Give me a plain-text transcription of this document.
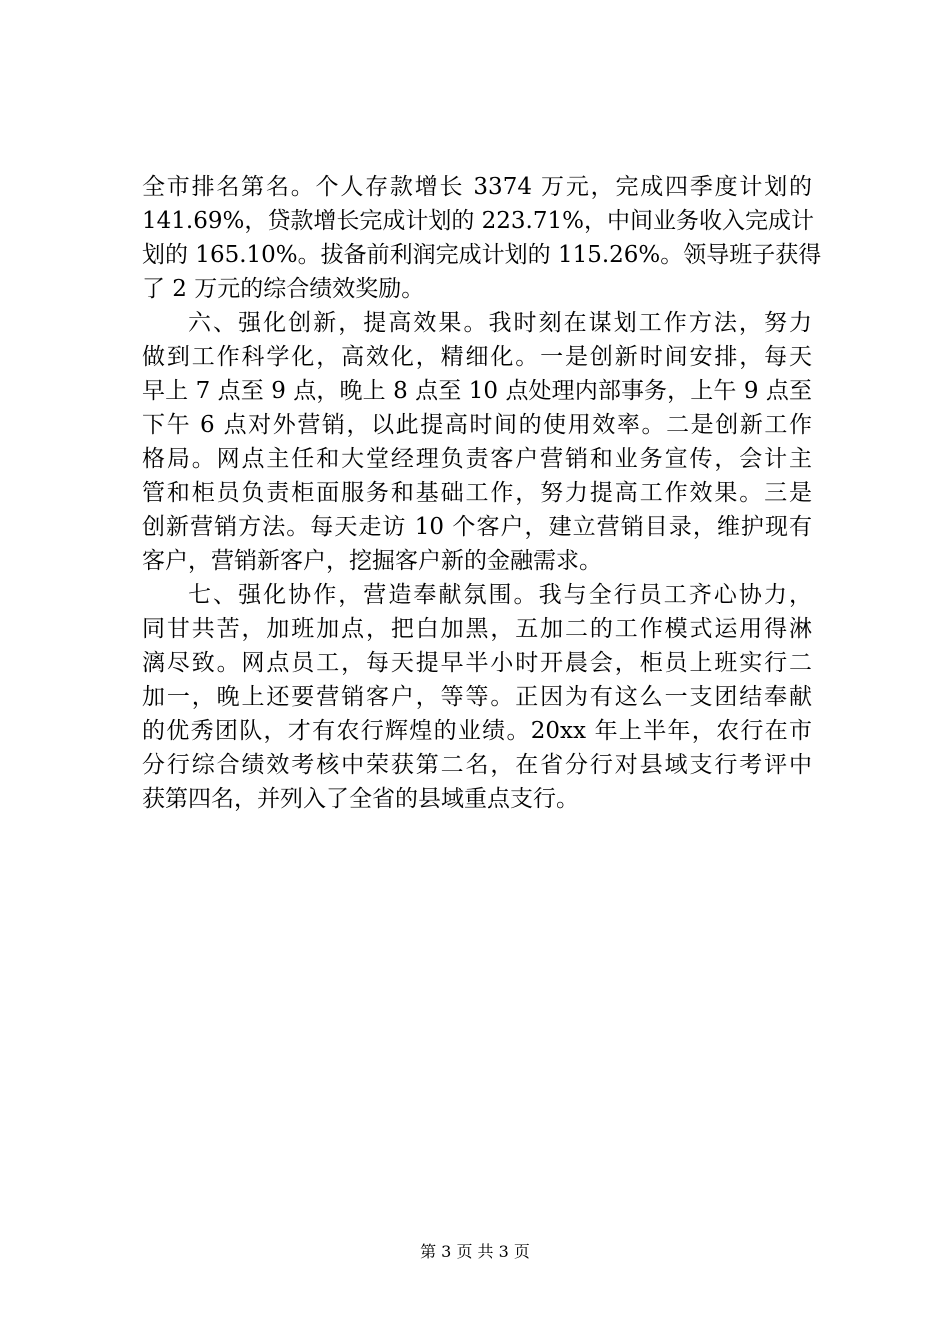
全市排名第名。个人存款增长 3374 万元，完成四季度计划的
141.69%，贷款增长完成计划的 223.71%，中间业务收入完成计
划的 165.10%。拔备前利润完成计划的 115.26%。领导班子获得
了 2 万元的综合绩效奖励。
六、强化创新，提高效果。我时刻在谋划工作方法，努力
做到工作科学化，高效化，精细化。一是创新时间安排，每天
早上 7 点至 9 点，晚上 8 点至 10 点处理内部事务，上午 9 点至
下午 6 点对外营销，以此提高时间的使用效率。二是创新工作
格局。网点主任和大堂经理负责客户营销和业务宣传，会计主
管和柜员负责柜面服务和基础工作，努力提高工作效果。三是
创新营销方法。每天走访 10 个客户，建立营销目录，维护现有
客户，营销新客户，挖掘客户新的金融需求。
七、强化协作，营造奉献氛围。我与全行员工齐心协力，
同甘共苦，加班加点，把白加黑，五加二的工作模式运用得淋
漓尽致。网点员工，每天提早半小时开晨会，柜员上班实行二
加一，晚上还要营销客户，等等。正因为有这么一支团结奉献
的优秀团队，才有农行辉煌的业绩。20xx 年上半年，农行在市
分行综合绩效考核中荣获第二名，在省分行对县域支行考评中
获第四名，并列入了全省的县域重点支行。
第 3 页 共 3 页
